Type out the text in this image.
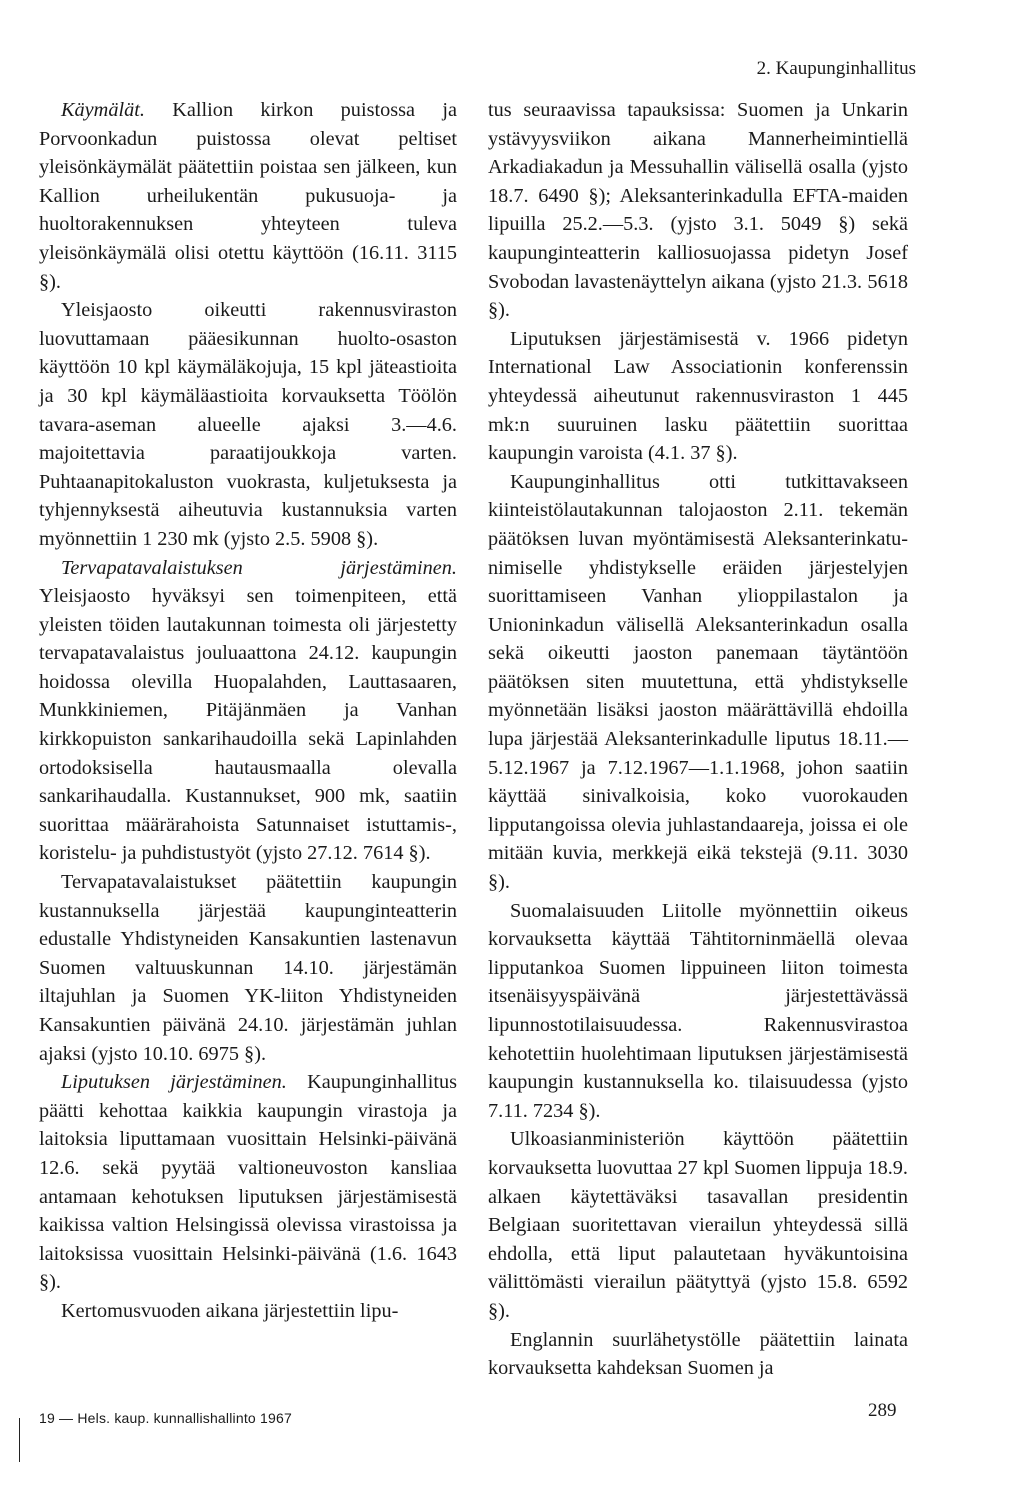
2. Kaupunginhallitus

Käymälät. Kallion kirkon puistossa ja Porvoonkadun puistossa olevat peltiset yleisönkäymälät päätettiin poistaa sen jälkeen, kun Kallion urheilukentän pukusuoja- ja huoltorakennuksen yhteyteen tuleva yleisönkäymälä olisi otettu käyttöön (16.11. 3115 §).

Yleisjaosto oikeutti rakennusviraston luovuttamaan pääesikunnan huolto-osaston käyttöön 10 kpl käymäläkojuja, 15 kpl jäteastioita ja 30 kpl käymäläastioita korvauksetta Töölön tavara-aseman alueelle ajaksi 3.—4.6. majoitettavia paraatijoukkoja varten. Puhtaanapitokaluston vuokrasta, kuljetuksesta ja tyhjennyksestä aiheutuvia kustannuksia varten myönnettiin 1 230 mk (yjsto 2.5. 5908 §).

Tervapatavalaistuksen järjestäminen. Yleisjaosto hyväksyi sen toimenpiteen, että yleisten töiden lautakunnan toimesta oli järjestetty tervapatavalaistus jouluaattona 24.12. kaupungin hoidossa olevilla Huopalahden, Lauttasaaren, Munkkiniemen, Pitäjänmäen ja Vanhan kirkkopuiston sankarihaudoilla sekä Lapinlahden ortodoksisella hautausmaalla olevalla sankarihaudalla. Kustannukset, 900 mk, saatiin suorittaa määrärahoista Satunnaiset istuttamis-, koristelu- ja puhdistustyöt (yjsto 27.12. 7614 §).

Tervapatavalaistukset päätettiin kaupungin kustannuksella järjestää kaupunginteatterin edustalle Yhdistyneiden Kansakuntien lastenavun Suomen valtuuskunnan 14.10. järjestämän iltajuhlan ja Suomen YK-liiton Yhdistyneiden Kansakuntien päivänä 24.10. järjestämän juhlan ajaksi (yjsto 10.10. 6975 §).

Liputuksen järjestäminen. Kaupunginhallitus päätti kehottaa kaikkia kaupungin virastoja ja laitoksia liputtamaan vuosittain Helsinki-päivänä 12.6. sekä pyytää valtioneuvoston kansliaa antamaan kehotuksen liputuksen järjestämisestä kaikissa valtion Helsingissä olevissa virastoissa ja laitoksissa vuosittain Helsinki-päivänä (1.6. 1643 §).

Kertomusvuoden aikana järjestettiin lipu-

tus seuraavissa tapauksissa: Suomen ja Unkarin ystävyysviikon aikana Mannerheimintiellä Arkadiakadun ja Messuhallin välisellä osalla (yjsto 18.7. 6490 §); Aleksanterinkadulla EFTA-maiden lipuilla 25.2.—5.3. (yjsto 3.1. 5049 §) sekä kaupunginteatterin kalliosuojassa pidetyn Josef Svobodan lavastenäyttelyn aikana (yjsto 21.3. 5618 §).

Liputuksen järjestämisestä v. 1966 pidetyn International Law Associationin konferenssin yhteydessä aiheutunut rakennusviraston 1 445 mk:n suuruinen lasku päätettiin suorittaa kaupungin varoista (4.1. 37 §).

Kaupunginhallitus otti tutkittavakseen kiinteistölautakunnan talojaoston 2.11. tekemän päätöksen luvan myöntämisestä Aleksanterinkatu-nimiselle yhdistykselle eräiden järjestelyjen suorittamiseen Vanhan ylioppilastalon ja Unioninkadun välisellä Aleksanterinkadun osalla sekä oikeutti jaoston panemaan täytäntöön päätöksen siten muutettuna, että yhdistykselle myönnetään lisäksi jaoston määrättävillä ehdoilla lupa järjestää Aleksanterinkadulle liputus 18.11.—5.12.1967 ja 7.12.1967—1.1.1968, johon saatiin käyttää sinivalkoisia, koko vuorokauden lipputangoissa olevia juhlastandaareja, joissa ei ole mitään kuvia, merkkejä eikä tekstejä (9.11. 3030 §).

Suomalaisuuden Liitolle myönnettiin oikeus korvauksetta käyttää Tähtitorninmäellä olevaa lipputankoa Suomen lippuineen liiton toimesta itsenäisyyspäivänä järjestettävässä lipunnostotilaisuudessa. Rakennusvirastoa kehotettiin huolehtimaan liputuksen järjestämisestä kaupungin kustannuksella ko. tilaisuudessa (yjsto 7.11. 7234 §).

Ulkoasianministeriön käyttöön päätettiin korvauksetta luovuttaa 27 kpl Suomen lippuja 18.9. alkaen käytettäväksi tasavallan presidentin Belgiaan suoritettavan vierailun yhteydessä sillä ehdolla, että liput palautetaan hyväkuntoisina välittömästi vierailun päätyttyä (yjsto 15.8. 6592 §).

Englannin suurlähetystölle päätettiin lainata korvauksetta kahdeksan Suomen ja

19 — Hels. kaup. kunnallishallinto 1967	289
